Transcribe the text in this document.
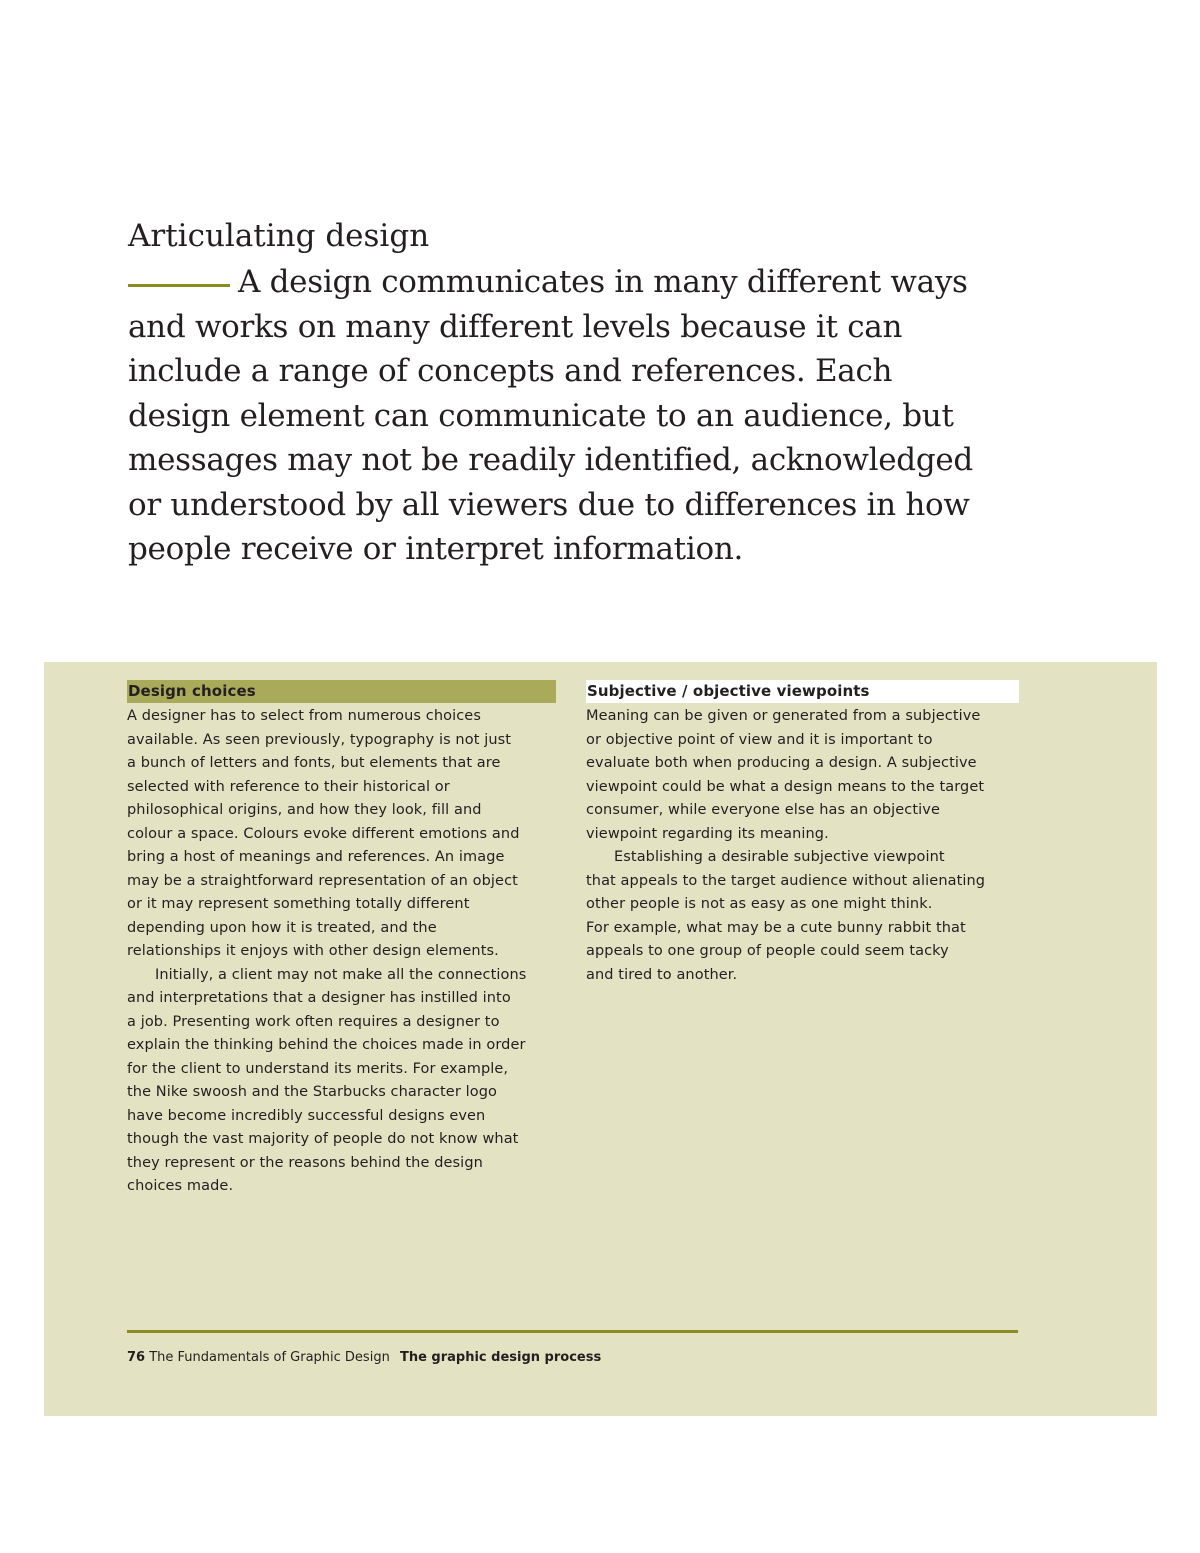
Articulating design

A design communicates in many different ways
and works on many different levels because it can
include a range of concepts and references. Each
design element can communicate to an audience, but
messages may not be readily identified, acknowledged
or understood by all viewers due to differences in how
people receive or interpret information.

Design choices
A designer has to select from numerous choices
available. As seen previously, typography is not just
a bunch of letters and fonts, but elements that are
selected with reference to their historical or
philosophical origins, and how they look, fill and
colour a space. Colours evoke different emotions and
bring a host of meanings and references. An image
may be a straightforward representation of an object
or it may represent something totally different
depending upon how it is treated, and the
relationships it enjoys with other design elements.
Initially, a client may not make all the connections
and interpretations that a designer has instilled into
a job. Presenting work often requires a designer to
explain the thinking behind the choices made in order
for the client to understand its merits. For example,
the Nike swoosh and the Starbucks character logo
have become incredibly successful designs even
though the vast majority of people do not know what
they represent or the reasons behind the design
choices made.
Subjective / objective viewpoints
Meaning can be given or generated from a subjective
or objective point of view and it is important to
evaluate both when producing a design. A subjective
viewpoint could be what a design means to the target
consumer, while everyone else has an objective
viewpoint regarding its meaning.
Establishing a desirable subjective viewpoint
that appeals to the target audience without alienating
other people is not as easy as one might think.
For example, what may be a cute bunny rabbit that
appeals to one group of people could seem tacky
and tired to another.
76 The Fundamentals of Graphic Design The graphic design process
